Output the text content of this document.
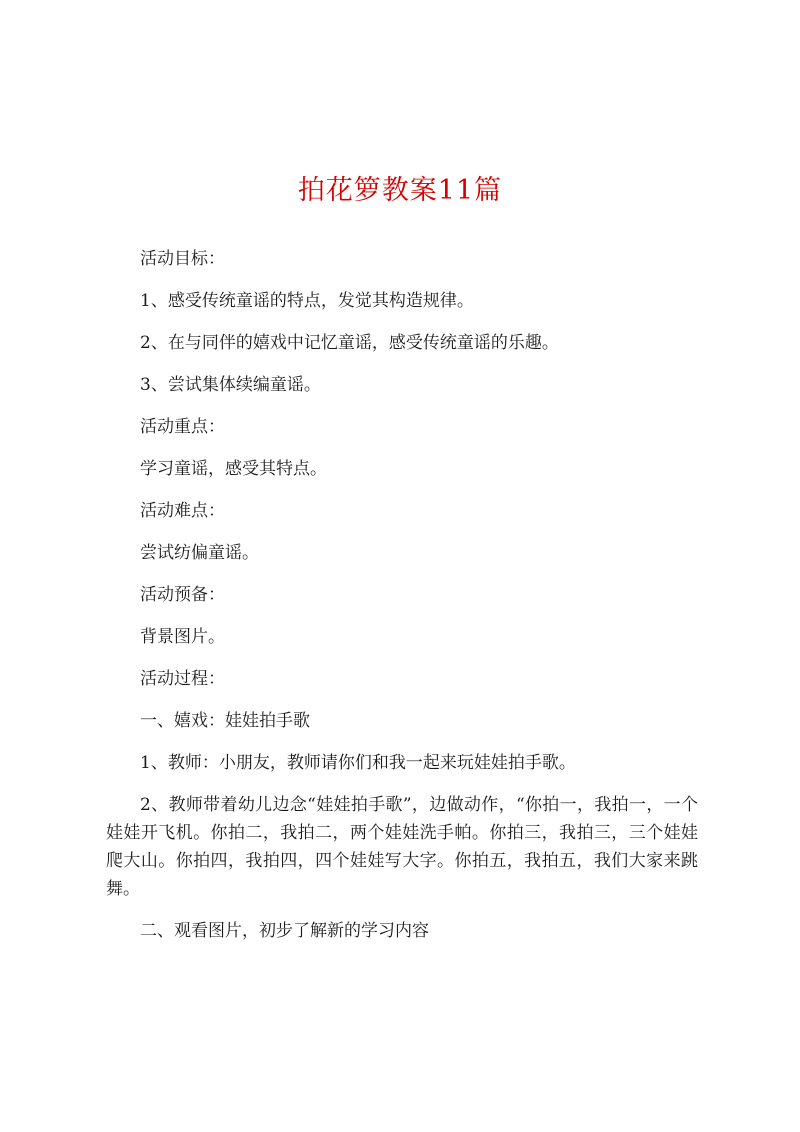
拍花箩教案11篇

活动目标：

1、感受传统童谣的特点，发觉其构造规律。

2、在与同伴的嬉戏中记忆童谣，感受传统童谣的乐趣。

3、尝试集体续编童谣。

活动重点：

学习童谣，感受其特点。

活动难点：

尝试纺偏童谣。

活动预备：

背景图片。

活动过程：

一、嬉戏：娃娃拍手歌

1、教师：小朋友，教师请你们和我一起来玩娃娃拍手歌。

2、教师带着幼儿边念“娃娃拍手歌”，边做动作，“你拍一，我拍一，一个娃娃开飞机。你拍二，我拍二，两个娃娃洗手帕。你拍三，我拍三，三个娃娃爬大山。你拍四，我拍四，四个娃娃写大字。你拍五，我拍五，我们大家来跳舞。

二、观看图片，初步了解新的学习内容
